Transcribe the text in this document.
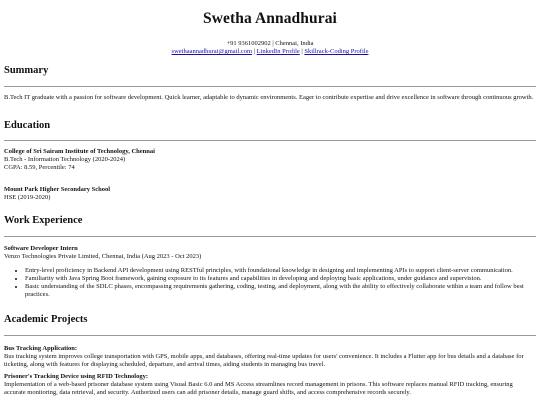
Swetha Annadhurai
+91 9361002902 | Chennai, India
swethaannadhurai@gmail.com | LinkedIn Profile | Skillrack-Coding Profile
Summary

B.Tech IT graduate with a passion for software development. Quick learner, adaptable to dynamic environments. Eager to contribute expertise and drive excellence in software through continuous growth.

Education

College of Sri Sairam Institute of Technology, Chennai

B.Tech - Information Technology (2020-2024)

CGPA: 8.59, Percentile: 74

Mount Park Higher Secondary School

HSE (2019-2020)

Work Experience

Software Developer Intern

Venzo Technologies Private Limited, Chennai, India (Aug 2023 - Oct 2023)

• Entry-level proficiency in Backend API development using RESTful principles, with foundational knowledge in designing and implementing APIs to support client-server communication.
• Familiarity with Java Spring Boot framework, gaining exposure to its features and capabilities in developing and deploying basic applications, under guidance and supervision.
• Basic understanding of the SDLC phases, encompassing requirements gathering, coding, testing, and deployment, along with the ability to effectively collaborate within a team and follow best practices.
Academic Projects

Bus Tracking Application:

Bus tracking system improves college transportation with GPS, mobile apps, and databases, offering real-time updates for users' convenience. It includes a Flutter app for bus details and a database for ticketing, along with features for displaying scheduled, departure, and arrival times, aiding students in managing bus travel.

Prisoner's Tracking Device using RFID Technology:

Implementation of a web-based prisoner database system using Visual Basic 6.0 and MS Access streamlines record management in prisons. This software replaces manual RFID tracking, ensuring accurate monitoring, data retrieval, and security. Authorized users can add prisoner details, manage guard shifts, and access comprehensive records securely.
